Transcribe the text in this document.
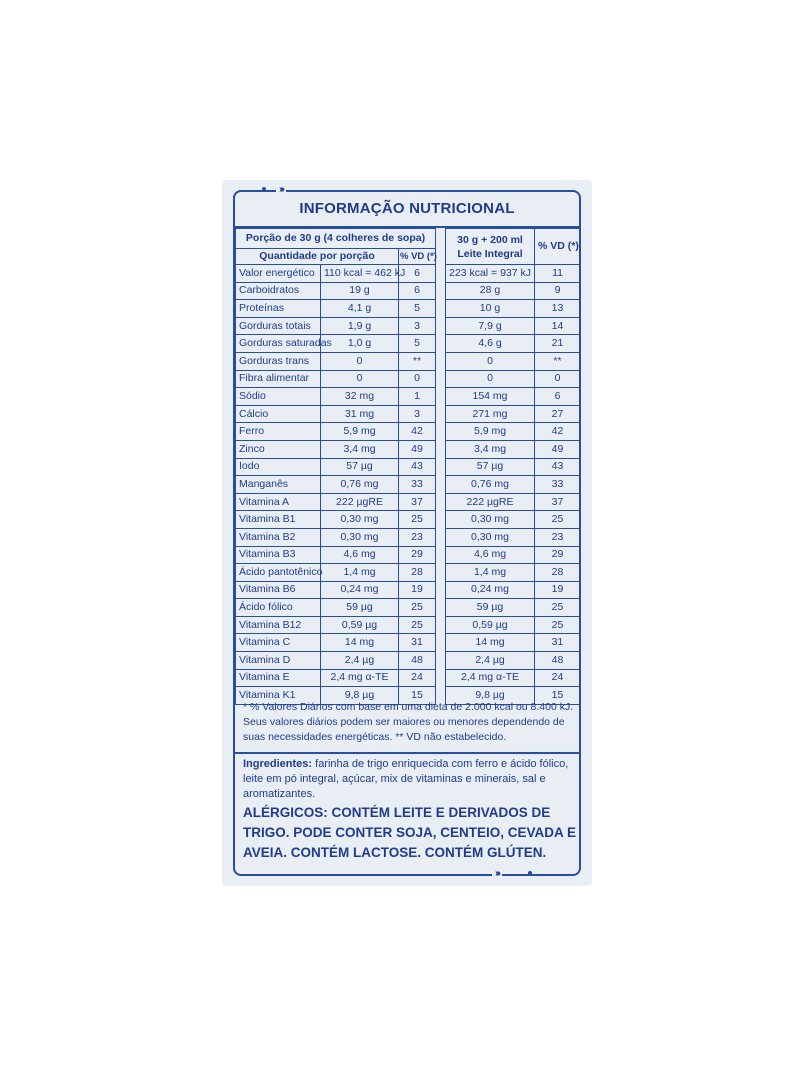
›››
›››
INFORMAÇÃO NUTRICIONAL
Porção de 30 g (4 colheres de sopa)				30 g + 200 ml
Leite Integral	% VD (*)
Quantidade por porção		% VD (*)			
Valor energético	110 kcal = 462 kJ	6		223 kcal = 937 kJ	11
Carboidratos	19 g	6		28 g	9
Proteínas	4,1 g	5		10 g	13
Gorduras totais	1,9 g	3		7,9 g	14
Gorduras saturadas	1,0 g	5		4,6 g	21
Gorduras trans	0	**		0	**
Fibra alimentar	0	0		0	0
Sódio	32 mg	1		154 mg	6
Cálcio	31 mg	3		271 mg	27
Ferro	5,9 mg	42		5,9 mg	42
Zinco	3,4 mg	49		3,4 mg	49
Iodo	57 µg	43		57 µg	43
Manganês	0,76 mg	33		0,76 mg	33
Vitamina A	222 µgRE	37		222 µgRE	37
Vitamina B1	0,30 mg	25		0,30 mg	25
Vitamina B2	0,30 mg	23		0,30 mg	23
Vitamina B3	4,6 mg	29		4,6 mg	29
Ácido pantotênico	1,4 mg	28		1,4 mg	28
Vitamina B6	0,24 mg	19		0,24 mg	19
Ácido fólico	59 µg	25		59 µg	25
Vitamina B12	0,59 µg	25		0,59 µg	25
Vitamina C	14 mg	31		14 mg	31
Vitamina D	2,4 µg	48		2,4 µg	48
Vitamina E	2,4 mg α-TE	24		2,4 mg α-TE	24
Vitamina K1	9,8 µg	15		9,8 µg	15
* % Valores Diários com base em uma dieta de 2.000 kcal ou 8.400 kJ. Seus valores diários podem ser maiores ou menores dependendo de suas necessidades energéticas. ** VD não estabelecido.
Ingredientes: farinha de trigo enriquecida com ferro e ácido fólico, leite em pó integral, açúcar, mix de vitaminas e minerais, sal e aromatizantes.
ALÉRGICOS: CONTÉM LEITE E DERIVADOS DE TRIGO. PODE CONTER SOJA, CENTEIO, CEVADA E AVEIA. CONTÉM LACTOSE. CONTÉM GLÚTEN.
